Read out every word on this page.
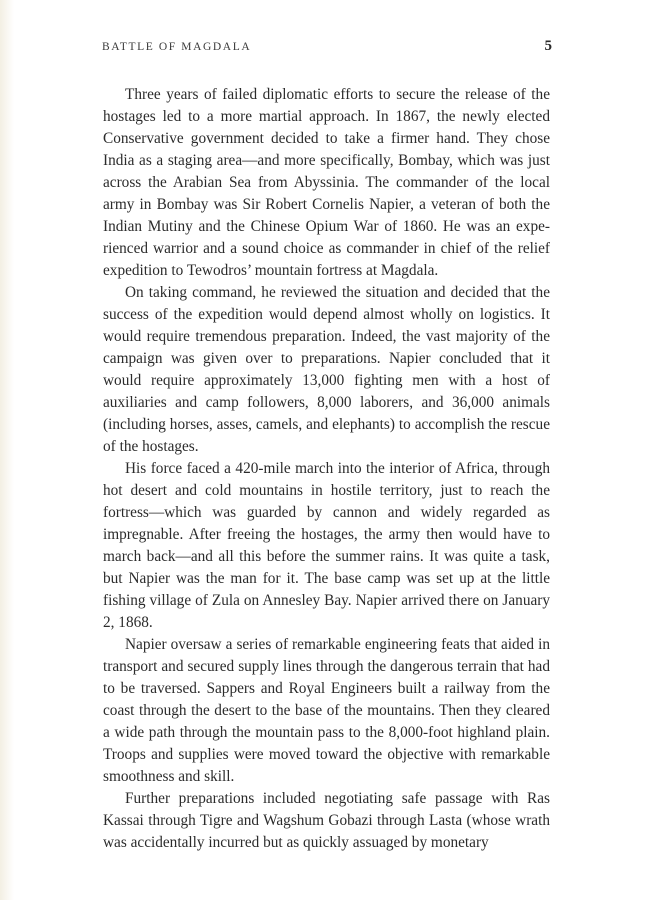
BATTLE OF MAGDALA	5

Three years of failed diplomatic efforts to secure the release of the hostages led to a more martial approach. In 1867, the newly elected Conservative government decided to take a firmer hand. They chose India as a staging area—and more specifically, Bombay, which was just across the Arabian Sea from Abyssinia. The commander of the local army in Bombay was Sir Robert Cornelis Napier, a veteran of both the Indian Mutiny and the Chinese Opium War of 1860. He was an experienced warrior and a sound choice as commander in chief of the relief expedition to Tewodros’ mountain fortress at Magdala.

On taking command, he reviewed the situation and decided that the success of the expedition would depend almost wholly on logistics. It would require tremendous preparation. Indeed, the vast majority of the campaign was given over to preparations. Napier concluded that it would require approximately 13,000 fighting men with a host of auxiliaries and camp followers, 8,000 laborers, and 36,000 animals (including horses, asses, camels, and elephants) to accomplish the rescue of the hostages.

His force faced a 420-mile march into the interior of Africa, through hot desert and cold mountains in hostile territory, just to reach the fortress—which was guarded by cannon and widely regarded as impregnable. After freeing the hostages, the army then would have to march back—and all this before the summer rains. It was quite a task, but Napier was the man for it. The base camp was set up at the little fishing village of Zula on Annesley Bay. Napier arrived there on January 2, 1868.

Napier oversaw a series of remarkable engineering feats that aided in transport and secured supply lines through the dangerous terrain that had to be traversed. Sappers and Royal Engineers built a railway from the coast through the desert to the base of the mountains. Then they cleared a wide path through the mountain pass to the 8,000-foot highland plain. Troops and supplies were moved toward the objective with remarkable smoothness and skill.

Further preparations included negotiating safe passage with Ras Kassai through Tigre and Wagshum Gobazi through Lasta (whose wrath was accidentally incurred but as quickly assuaged by monetary
